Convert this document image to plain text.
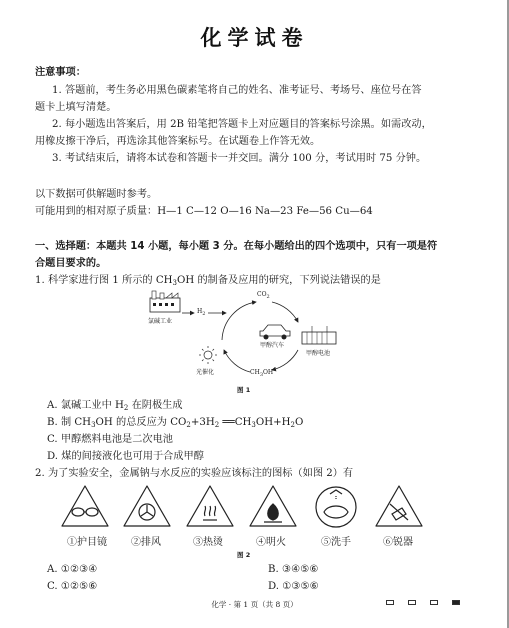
化学试卷
注意事项：
1. 答题前，考生务必用黑色碳素笔将自己的姓名、准考证号、考场号、座位号在答
题卡上填写清楚。
2. 每小题选出答案后，用 2B 铅笔把答题卡上对应题目的答案标号涂黑。如需改动，
用橡皮擦干净后，再选涂其他答案标号。在试题卷上作答无效。
3. 考试结束后，请将本试卷和答题卡一并交回。满分 100 分，考试用时 75 分钟。
以下数据可供解题时参考。
可能用到的相对原子质量：H—1 C—12 O—16 Na—23 Fe—56 Cu—64
一、选择题：本题共 14 小题，每小题 3 分。在每小题给出的四个选项中，只有一项是符
合题目要求的。
1. 科学家进行图 1 所示的 $CH_3OH$ 的制备及应用的研究，下列说法错误的是
$CO_2$
氯碱工业
$H_2$
甲醇汽车
甲醇电池
光催化	$CH_3OH$
图 1
A. 氯碱工业中 $H_2$ 在阴极生成
B. 制 $CH_3OH$ 的总反应为 $CO_2+3H_2$ $══CH_3OH+H_2O$
C. 甲醇燃料电池是二次电池
D. 煤的间接液化也可用于合成甲醇
2. 为了实验安全，金属钠与水反应的实验应该标注的图标（如图 2）有
①护目镜 ②排风	③热烫	④明火	⑤洗手	⑥锐器
图 2
A. ①②③④	B. ③④⑤⑥
C. ①②⑤⑥	D. ①③⑤⑥
化学 · 第 1 页（共 8 页）
